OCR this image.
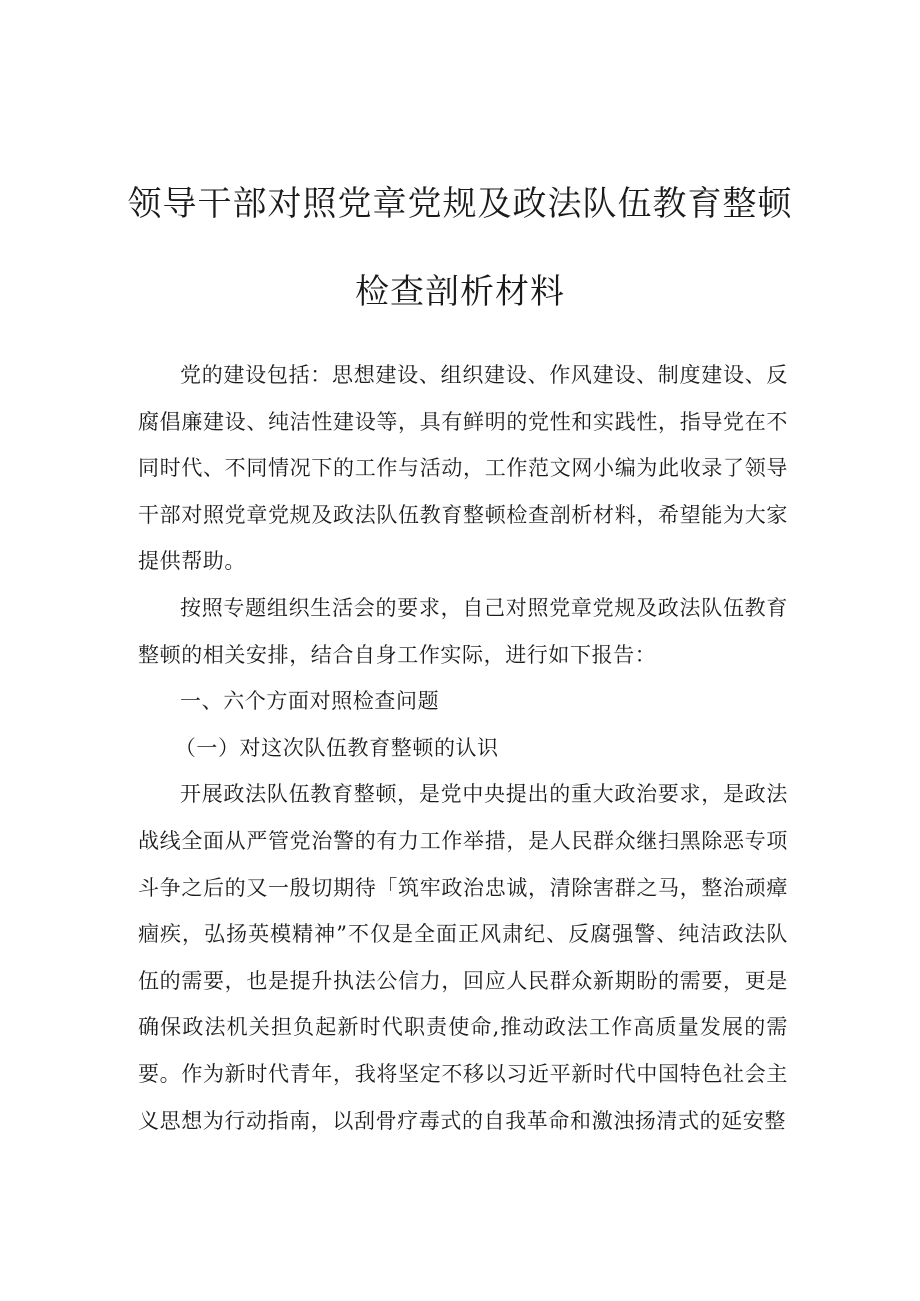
领导干部对照党章党规及政法队伍教育整顿
检查剖析材料

党的建设包括：思想建设、组织建设、作风建设、制度建设、反腐倡廉建设、纯洁性建设等，具有鲜明的党性和实践性，指导党在不同时代、不同情况下的工作与活动，工作范文网小编为此收录了领导干部对照党章党规及政法队伍教育整顿检查剖析材料，希望能为大家提供帮助。

按照专题组织生活会的要求，自己对照党章党规及政法队伍教育整顿的相关安排，结合自身工作实际，进行如下报告：

一、六个方面对照检查问题

（一）对这次队伍教育整顿的认识

开展政法队伍教育整顿，是党中央提出的重大政治要求，是政法战线全面从严管党治警的有力工作举措，是人民群众继扫黑除恶专项斗争之后的又一殷切期待「筑牢政治忠诚，清除害群之马，整治顽瘴痼疾，弘扬英模精神”不仅是全面正风肃纪、反腐强警、纯洁政法队伍的需要，也是提升执法公信力，回应人民群众新期盼的需要，更是确保政法机关担负起新时代职责使命,推动政法工作高质量发展的需要。作为新时代青年，我将坚定不移以习近平新时代中国特色社会主义思想为行动指南，以刮骨疗毒式的自我革命和激浊扬清式的延安整
